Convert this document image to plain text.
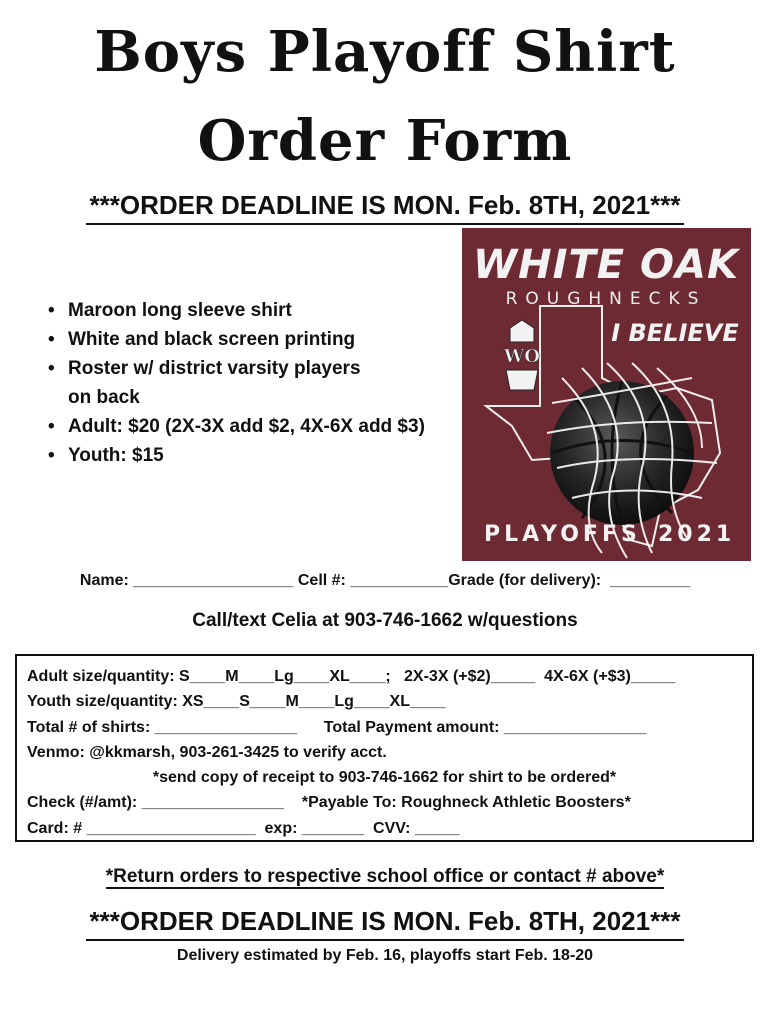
Boys Playoff Shirt
Order Form
***ORDER DEADLINE IS MON. Feb. 8TH, 2021***
• Maroon long sleeve shirt
• White and black screen printing
• Roster w/ district varsity players
on back
• Adult: $20 (2X-3X add $2, 4X-6X add $3)
• Youth: $15
WHITE OAK
ROUGHNECKS
I BELIEVE
WO
PLAYOFFS 2021
Name: __________________ Cell #: ___________Grade (for delivery):  _________
Call/text Celia at 903-746-1662 w/questions
Adult size/quantity: S____M____Lg____XL____;   2X-3X (+$2)_____  4X-6X (+$3)_____
Youth size/quantity: XS____S____M____Lg____XL____
Total # of shirts: ________________      Total Payment amount: ________________
Venmo: @kkmarsh, 903-261-3425 to verify acct.
*send copy of receipt to 903-746-1662 for shirt to be ordered*
Check (#/amt): ________________    *Payable To: Roughneck Athletic Boosters*
Card: # ___________________  exp: _______  CVV: _____
*Return orders to respective school office or contact # above*
***ORDER DEADLINE IS MON. Feb. 8TH, 2021***
Delivery estimated by Feb. 16, playoffs start Feb. 18-20
